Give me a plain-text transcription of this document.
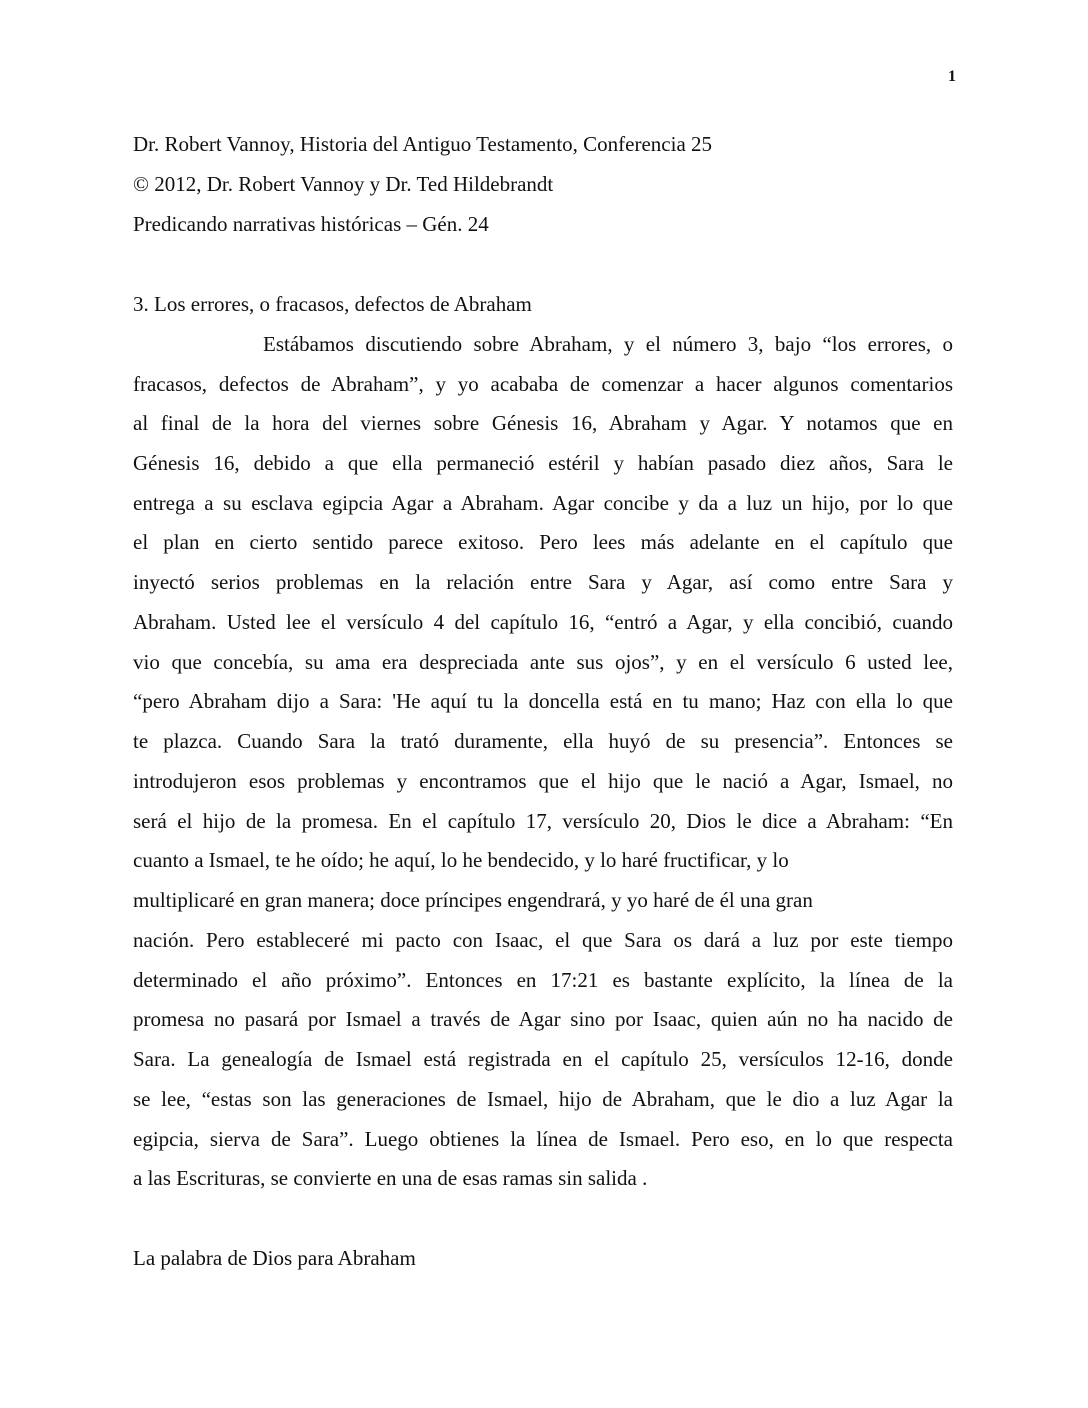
1
Dr. Robert Vannoy, Historia del Antiguo Testamento, Conferencia 25
© 2012, Dr. Robert Vannoy y Dr. Ted Hildebrandt
Predicando narrativas históricas – Gén. 24
3. Los errores, o fracasos, defectos de Abraham
Estábamos discutiendo sobre Abraham, y el número 3, bajo “los errores, o
fracasos, defectos de Abraham”, y yo acababa de comenzar a hacer algunos comentarios
al final de la hora del viernes sobre Génesis 16, Abraham y Agar. Y notamos que en
Génesis 16, debido a que ella permaneció estéril y habían pasado diez años, Sara le
entrega a su esclava egipcia Agar a Abraham. Agar concibe y da a luz un hijo, por lo que
el plan en cierto sentido parece exitoso. Pero lees más adelante en el capítulo que
inyectó serios problemas en la relación entre Sara y Agar, así como entre Sara y
Abraham. Usted lee el versículo 4 del capítulo 16, “entró a Agar, y ella concibió, cuando
vio que concebía, su ama era despreciada ante sus ojos”, y en el versículo 6 usted lee,
“pero Abraham dijo a Sara: 'He aquí tu la doncella está en tu mano; Haz con ella lo que
te plazca. Cuando Sara la trató duramente, ella huyó de su presencia”. Entonces se
introdujeron esos problemas y encontramos que el hijo que le nació a Agar, Ismael, no
será el hijo de la promesa. En el capítulo 17, versículo 20, Dios le dice a Abraham: “En
cuanto a Ismael, te he oído; he aquí, lo he bendecido, y lo haré fructificar, y lo
multiplicaré en gran manera; doce príncipes engendrará, y yo haré de él una gran
nación. Pero estableceré mi pacto con Isaac, el que Sara os dará a luz por este tiempo
determinado el año próximo”. Entonces en 17:21 es bastante explícito, la línea de la
promesa no pasará por Ismael a través de Agar sino por Isaac, quien aún no ha nacido de
Sara. La genealogía de Ismael está registrada en el capítulo 25, versículos 12-16, donde
se lee, “estas son las generaciones de Ismael, hijo de Abraham, que le dio a luz Agar la
egipcia, sierva de Sara”. Luego obtienes la línea de Ismael. Pero eso, en lo que respecta
a las Escrituras, se convierte en una de esas ramas sin salida .
La palabra de Dios para Abraham
